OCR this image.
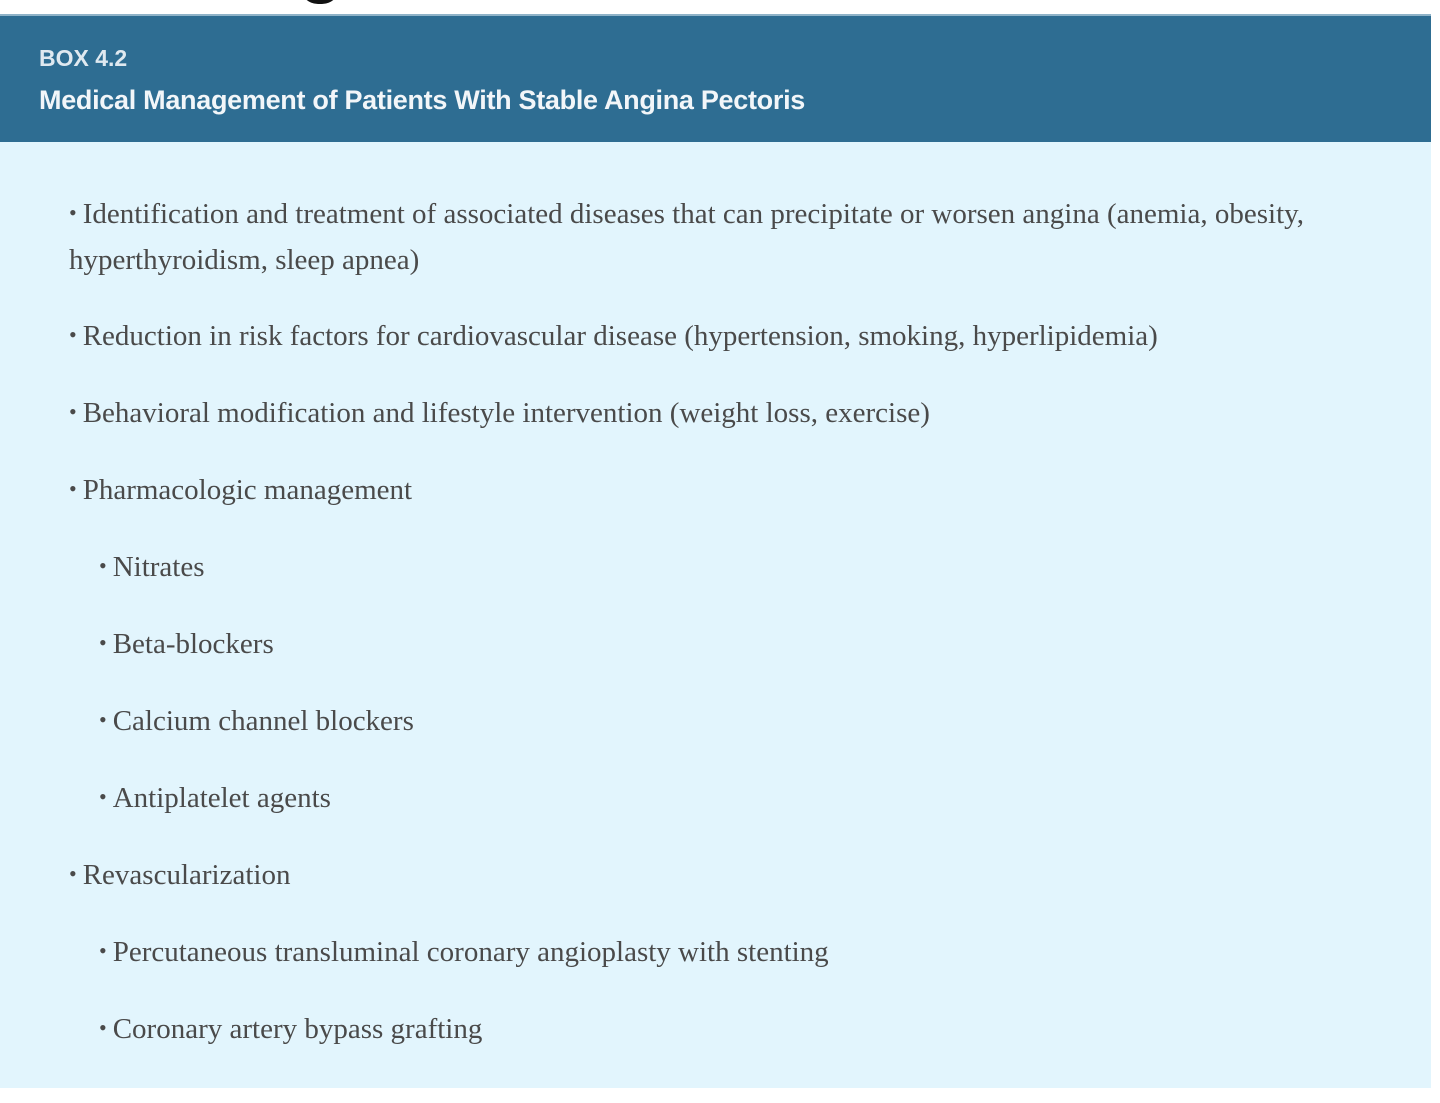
BOX 4.2
Medical Management of Patients With Stable Angina Pectoris
• Identification and treatment of associated diseases that can precipitate or worsen angina (anemia, obesity, hyperthyroidism, sleep apnea)
• Reduction in risk factors for cardiovascular disease (hypertension, smoking, hyperlipidemia)
• Behavioral modification and lifestyle intervention (weight loss, exercise)
• Pharmacologic management
• Nitrates
• Beta-blockers
• Calcium channel blockers
• Antiplatelet agents
• Revascularization
• Percutaneous transluminal coronary angioplasty with stenting
• Coronary artery bypass grafting
